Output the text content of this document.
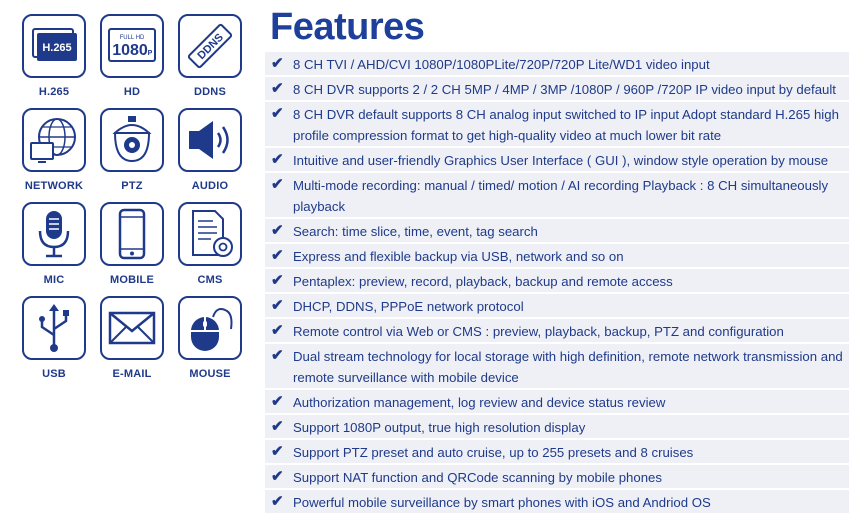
H.265
H.265
FULL HD
1080 P
HD
DDNS
DDNS
NETWORK	PTZ	AUDIO
MIC	MOBILE	CMS
USB	E-MAIL	MOUSE
Features
✔ 8 CH TVI / AHD/CVI 1080P/1080PLite/720P/720P Lite/WD1 video input
✔ 8 CH DVR supports 2 / 2 CH 5MP / 4MP / 3MP /1080P / 960P /720P IP video input by default
✔ 8 CH DVR default supports 8 CH analog input switched to IP input Adopt standard H.265 high profile compression format to get high-quality video at much lower bit rate
✔ Intuitive and user-friendly Graphics User Interface ( GUI ), window style operation by mouse
✔ Multi-mode recording: manual / timed/ motion / AI recording Playback : 8 CH simultaneously playback
✔ Search: time slice, time, event, tag search
✔ Express and flexible backup via USB, network and so on
✔ Pentaplex: preview, record, playback, backup and remote access
✔ DHCP, DDNS, PPPoE network protocol
✔ Remote control via Web or CMS : preview, playback, backup, PTZ and configuration
✔ Dual stream technology for local storage with high definition, remote network transmission and remote surveillance with mobile device
✔ Authorization management, log review and device status review
✔ Support 1080P output, true high resolution display
✔ Support PTZ preset and auto cruise, up to 255 presets and 8 cruises
✔ Support NAT function and QRCode scanning by mobile phones
✔ Powerful mobile surveillance by smart phones with iOS and Andriod OS
